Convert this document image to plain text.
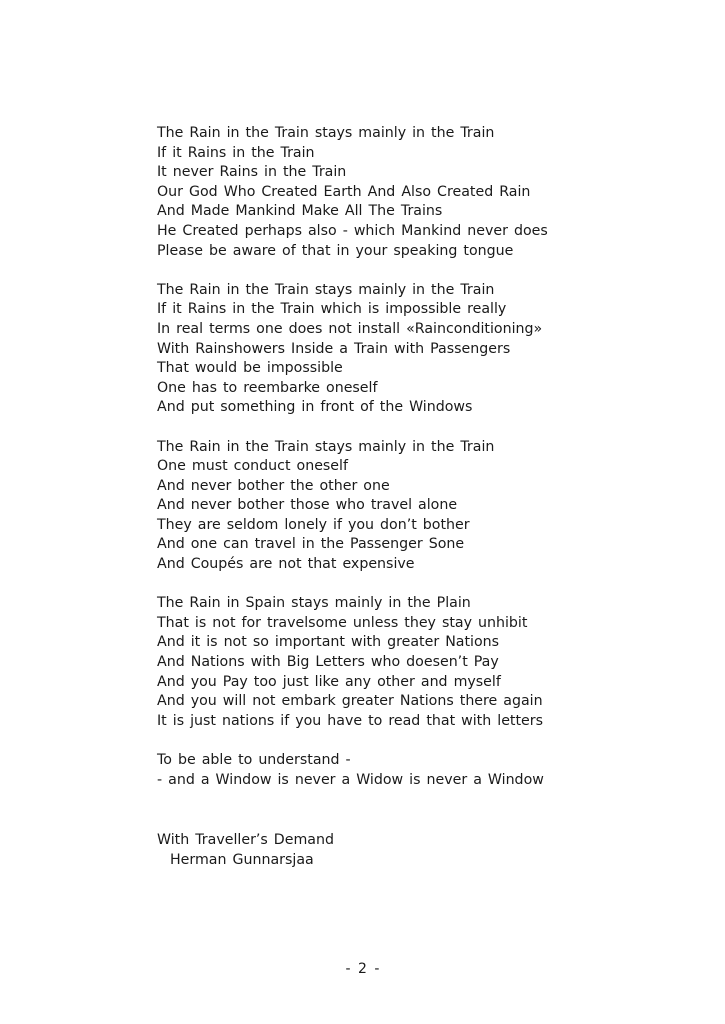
The Rain in the Train stays mainly in the Train
If it Rains in the Train
It never Rains in the Train
Our God Who Created Earth And Also Created Rain
And Made Mankind Make All The Trains
He Created perhaps also - which Mankind never does
Please be aware of that in your speaking tongue
The Rain in the Train stays mainly in the Train
If it Rains in the Train which is impossible really
In real terms one does not install «Rainconditioning»
With Rainshowers Inside a Train with Passengers
That would be impossible
One has to reembarke oneself
And put something in front of the Windows
The Rain in the Train stays mainly in the Train
One must conduct oneself
And never bother the other one
And never bother those who travel alone
They are seldom lonely if you don’t bother
And one can travel in the Passenger Sone
And Coupés are not that expensive
The Rain in Spain stays mainly in the Plain
That is not for travelsome unless they stay unhibit
And it is not so important with greater Nations
And Nations with Big Letters who doesen’t Pay
And you Pay too just like any other and myself
And you will not embark greater Nations there again
It is just nations if you have to read that with letters
To be able to understand -
- and a Window is never a Widow is never a Window
With Traveller’s Demand
Herman Gunnarsjaa
- 2 -
